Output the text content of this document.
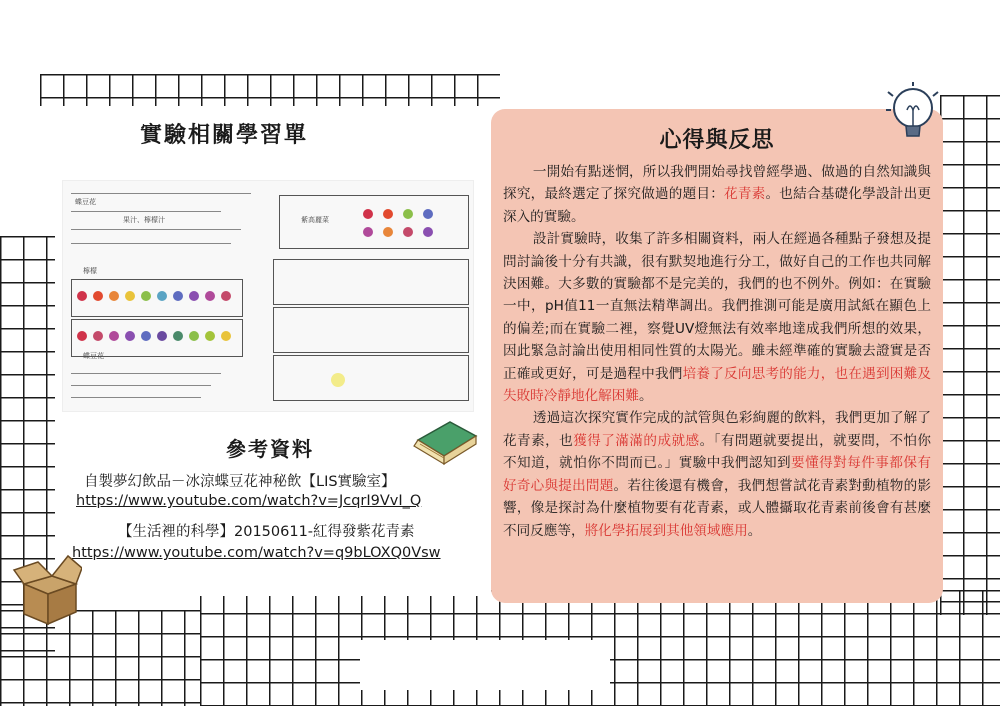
實驗相關學習單
蝶豆花
果汁、檸檬汁
檸檬
蝶豆花
紫高麗菜
參考資料
自製夢幻飲品－冰涼蝶豆花神秘飲【LIS實驗室】
https://www.youtube.com/watch?v=JcqrI9VvI_Q
【生活裡的科學】20150611-紅得發紫花青素
https://www.youtube.com/watch?v=q9bLOXQ0Vsw
心得與反思

一開始有點迷惘，所以我們開始尋找曾經學過、做過的自然知識與探究，最終選定了探究做過的題目：花青素。也結合基礎化學設計出更深入的實驗。

設計實驗時，收集了許多相關資料，兩人在經過各種點子發想及提問討論後十分有共識，很有默契地進行分工，做好自己的工作也共同解決困難。大多數的實驗都不是完美的，我們的也不例外。例如：在實驗一中，pH值11一直無法精準調出。我們推測可能是廣用試紙在顯色上的偏差;而在實驗二裡，察覺UV燈無法有效率地達成我們所想的效果，因此緊急討論出使用相同性質的太陽光。雖未經準確的實驗去證實是否正確或更好，可是過程中我們培養了反向思考的能力，也在遇到困難及失敗時冷靜地化解困難。

透過這次探究實作完成的試管與色彩絢麗的飲料，我們更加了解了花青素，也獲得了滿滿的成就感。「有問題就要提出，就要問，不怕你不知道，就怕你不問而已。」實驗中我們認知到要懂得對每件事都保有好奇心與提出問題。若往後還有機會，我們想嘗試花青素對動植物的影響，像是探討為什麼植物要有花青素，或人體攝取花青素前後會有甚麼不同反應等，將化學拓展到其他領域應用。
